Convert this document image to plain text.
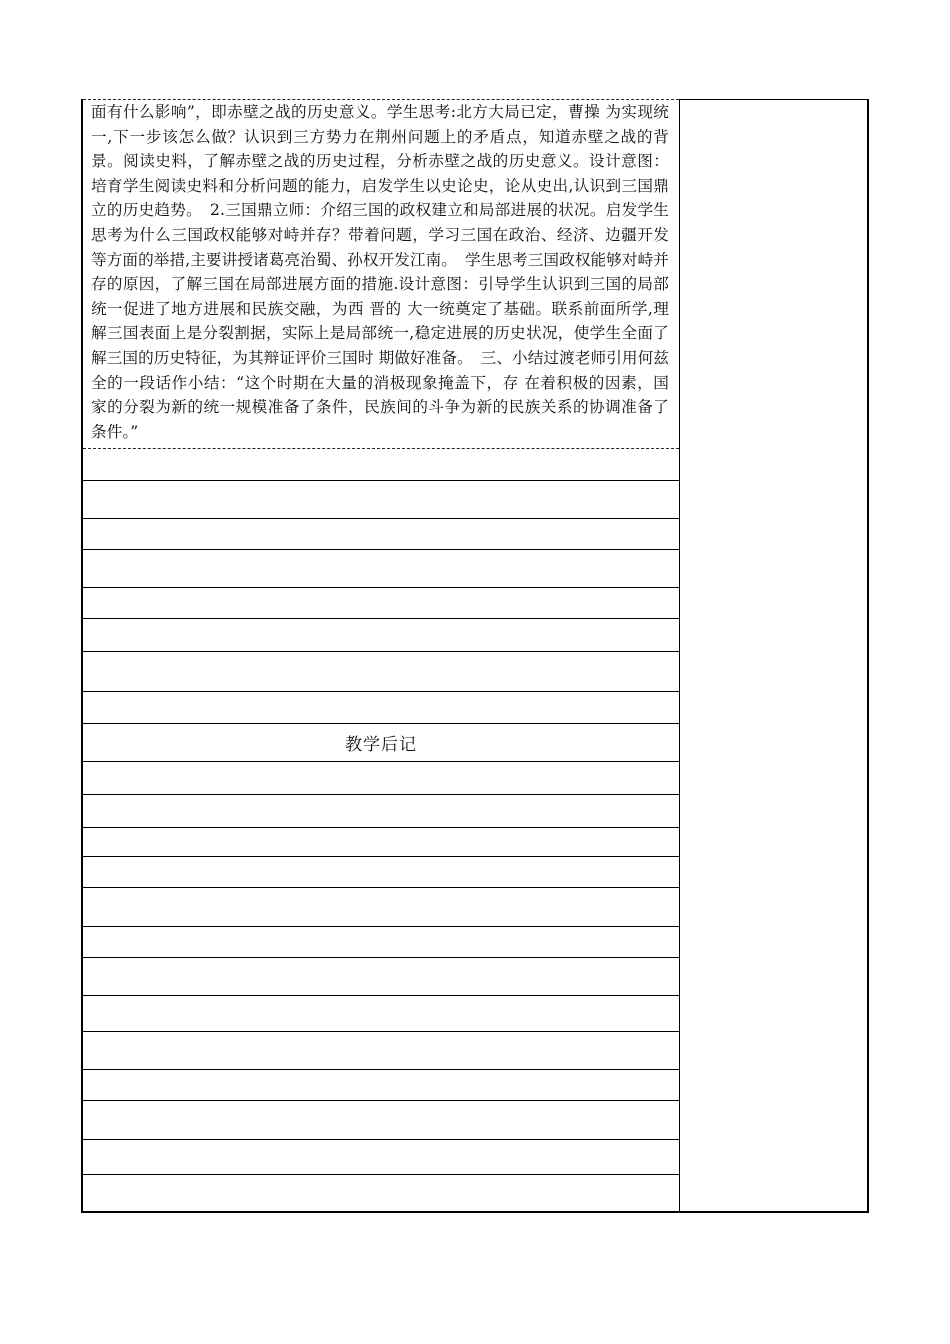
面有什么影响”，即赤壁之战的历史意义。学生思考:北方大局已定，曹操 为实现统一,下一步该怎么做？认识到三方势力在荆州问题上的矛盾点，知道赤壁之战的背景。阅读史料，了解赤壁之战的历史过程，分析赤壁之战的历史意义。设计意图：培育学生阅读史料和分析问题的能力，启发学生以史论史，论从史出,认识到三国鼎立的历史趋势。　2.三国鼎立师：介绍三国的政权建立和局部进展的状况。启发学生思考为什么三国政权能够对峙并存？带着问题，学习三国在政治、经济、边疆开发等方面的举措,主要讲授诸葛亮治蜀、孙权开发江南。　学生思考三国政权能够对峙并存的原因，了解三国在局部进展方面的措施.设计意图：引导学生认识到三国的局部统一促进了地方进展和民族交融，为西 晋的 大一统奠定了基础。联系前面所学,理解三国表面上是分裂割据，实际上是局部统一,稳定进展的历史状况，使学生全面了解三国的历史特征，为其辩证评价三国时 期做好准备。　三、小结过渡老师引用何兹全的一段话作小结：“这个时期在大量的消极现象掩盖下，存 在着积极的因素，国家的分裂为新的统一规模准备了条件，民族间的斗争为新的民族关系的协调准备了条件。”

教学后记
